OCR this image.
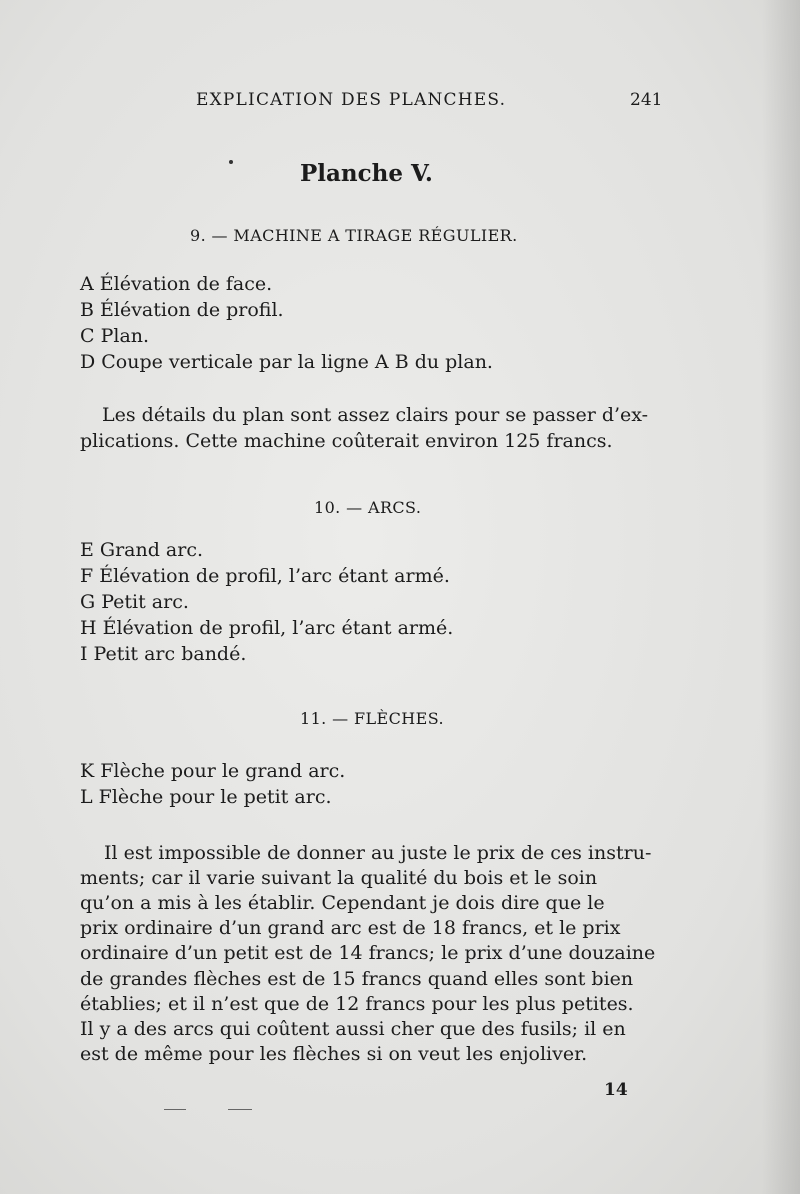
EXPLICATION DES PLANCHES.	241
Planche V.
9. — MACHINE A TIRAGE RÉGULIER.
A Élévation de face.
B Élévation de profil.
C Plan.
D Coupe verticale par la ligne A B du plan.
Les détails du plan sont assez clairs pour se passer d’ex-
plications. Cette machine coûterait environ 125 francs.
10. — ARCS.
E Grand arc.
F Élévation de profil, l’arc étant armé.
G Petit arc.
H Élévation de profil, l’arc étant armé.
I Petit arc bandé.
11. — FLÈCHES.
K Flèche pour le grand arc.
L Flèche pour le petit arc.
Il est impossible de donner au juste le prix de ces instru-
ments; car il varie suivant la qualité du bois et le soin
qu’on a mis à les établir. Cependant je dois dire que le
prix ordinaire d’un grand arc est de 18 francs, et le prix
ordinaire d’un petit est de 14 francs; le prix d’une douzaine
de grandes flèches est de 15 francs quand elles sont bien
établies; et il n’est que de 12 francs pour les plus petites.
Il y a des arcs qui coûtent aussi cher que des fusils; il en
est de même pour les flèches si on veut les enjoliver.
14
